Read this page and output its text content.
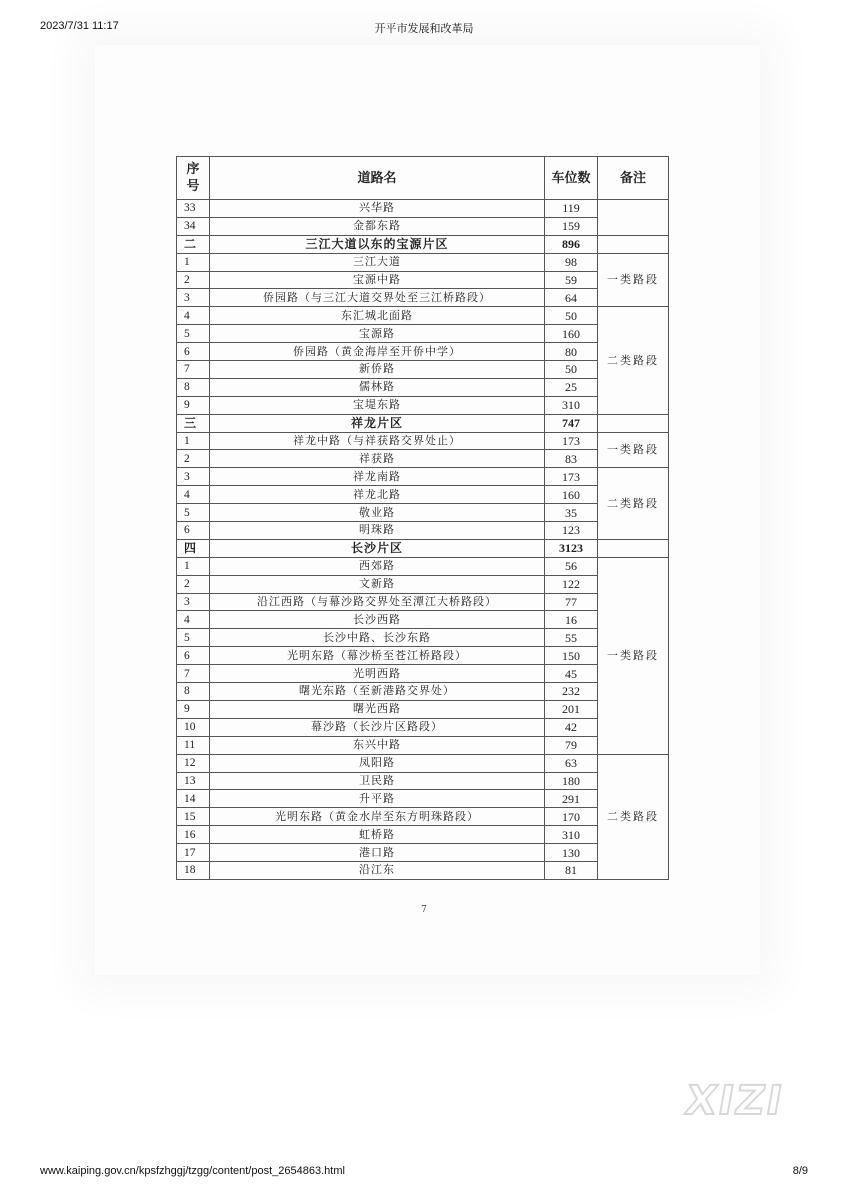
2023/7/31 11:17	开平市发展和改革局
序号	道路名	车位数	备注
33	兴华路	119	
34	金都东路	159	
二	三江大道以东的宝源片区	896	
1	三江大道	98	一类路段
2	宝源中路	59	
3	侨园路（与三江大道交界处至三江桥路段）	64	
4	东汇城北面路	50	二类路段
5	宝源路	160	
6	侨园路（黄金海岸至开侨中学）	80	
7	新侨路	50	
8	儒林路	25	
9	宝堤东路	310	
三	祥龙片区	747	
1	祥龙中路（与祥获路交界处止）	173	一类路段
2	祥获路	83	
3	祥龙南路	173	二类路段
4	祥龙北路	160	
5	敬业路	35	
6	明珠路	123	
四	长沙片区	3123	
1	西郊路	56	一类路段
2	文新路	122	
3	沿江西路（与幕沙路交界处至潭江大桥路段）	77	
4	长沙西路	16	
5	长沙中路、长沙东路	55	
6	光明东路（幕沙桥至苍江桥路段）	150	
7	光明西路	45	
8	曙光东路（至新港路交界处）	232	
9	曙光西路	201	
10	幕沙路（长沙片区路段）	42	
11	东兴中路	79	
12	凤阳路	63	二类路段
13	卫民路	180	
14	升平路	291	
15	光明东路（黄金水岸至东方明珠路段）	170	
16	虹桥路	310	
17	港口路	130	
18	沿江东	81	
7
XIZI
www.kaiping.gov.cn/kpsfzhggj/tzgg/content/post_2654863.html	8/9
